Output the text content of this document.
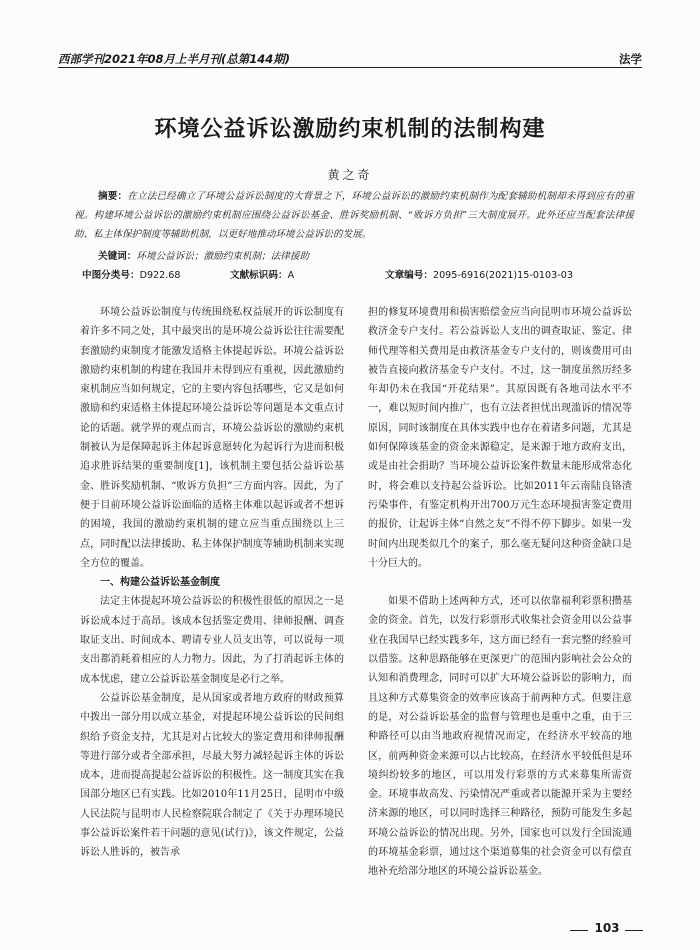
西部学刊2021年08月上半月刊(总第144期)	法学
环境公益诉讼激励约束机制的法制构建
黄之奇
摘要：在立法已经确立了环境公益诉讼制度的大背景之下，环境公益诉讼的激励约束机制作为配套辅助机制却未得到应有的重视。构建环境公益诉讼的激励约束机制应围绕公益诉讼基金、胜诉奖励机制、“败诉方负担”三大制度展开。此外还应当配套法律援助、私主体保护制度等辅助机制，以更好地推动环境公益诉讼的发展。
关键词：环境公益诉讼；激励约束机制；法律援助
中图分类号：D922.68	文献标识码：A	文章编号：2095-6916(2021)15-0103-03

环境公益诉讼制度与传统围绕私权益展开的诉讼制度有着许多不同之处，其中最突出的是环境公益诉讼往往需要配套激励约束制度才能激发适格主体提起诉讼。环境公益诉讼激励约束机制的构建在我国并未得到应有重视，因此激励约束机制应当如何规定，它的主要内容包括哪些，它又是如何激励和约束适格主体提起环境公益诉讼等问题是本文重点讨论的话题。就学界的观点而言，环境公益诉讼的激励约束机制被认为是保障起诉主体起诉意愿转化为起诉行为进而积极追求胜诉结果的重要制度[1]，该机制主要包括公益诉讼基金、胜诉奖励机制、“败诉方负担”三方面内容。因此，为了便于目前环境公益诉讼面临的适格主体难以起诉或者不想诉的困境，我国的激励约束机制的建立应当重点围绕以上三点，同时配以法律援助、私主体保护制度等辅助机制来实现全方位的覆盖。

一、构建公益诉讼基金制度

法定主体提起环境公益诉讼的积极性很低的原因之一是诉讼成本过于高昂。该成本包括鉴定费用、律师报酬、调查取证支出、时间成本、聘请专业人员支出等，可以说每一项支出都消耗着相应的人力物力。因此，为了打消起诉主体的成本忧虑，建立公益诉讼基金制度是必行之举。

公益诉讼基金制度，是从国家或者地方政府的财政预算中拨出一部分用以成立基金，对提起环境公益诉讼的民间组织给予资金支持，尤其是对占比较大的鉴定费用和律师报酬等进行部分或者全部承担，尽最大努力减轻起诉主体的诉讼成本，进而提高提起公益诉讼的积极性。这一制度其实在我国部分地区已有实践。比如2010年11月25日，昆明市中级人民法院与昆明市人民检察院联合制定了《关于办理环境民事公益诉讼案件若干问题的意见(试行)》，该文件规定，公益诉讼人胜诉的，被告承

担的修复环境费用和损害赔偿金应当向昆明市环境公益诉讼救济金专户支付。若公益诉讼人支出的调查取证、鉴定、律师代理等相关费用是由救济基金专户支付的，则该费用可由被告直接向救济基金专户支付。不过，这一制度虽然历经多年却仍未在我国“开花结果”。其原因既有各地司法水平不一，难以短时间内推广，也有立法者担忧出现滥诉的情况等原因，同时该制度在具体实践中也存在着诸多问题，尤其是如何保障该基金的资金来源稳定，是来源于地方政府支出，或是由社会捐助？当环境公益诉讼案件数量未能形成常态化时，将会难以支持起公益诉讼。比如2011年云南陆良铬渣污染事件，有鉴定机构开出700万元生态环境损害鉴定费用的报价，让起诉主体“自然之友”不得不停下脚步。如果一发时间内出现类似几个的案子，那么毫无疑问这种资金缺口是十分巨大的。

如果不借助上述两种方式，还可以依靠福利彩票积攒基金的资金。首先，以发行彩票形式收集社会资金用以公益事业在我国早已经实践多年，这方面已经有一套完整的经验可以借鉴。这种思路能够在更深更广的范围内影响社会公众的认知和消费理念，同时可以扩大环境公益诉讼的影响力，而且这种方式募集资金的效率应该高于前两种方式。但要注意的是，对公益诉讼基金的监督与管理也是重中之重，由于三种路径可以由当地政府视情况而定，在经济水平较高的地区，前两种资金来源可以占比较高，在经济水平较低但是环境纠纷较多的地区，可以用发行彩票的方式来募集所需资金。环境事故高发、污染情况严重或者以能源开采为主要经济来源的地区，可以同时选择三种路径，预防可能发生多起环境公益诉讼的情况出现。另外，国家也可以发行全国流通的环境基金彩票，通过这个渠道募集的社会资金可以有偿直地补充给部分地区的环境公益诉讼基金。

103
